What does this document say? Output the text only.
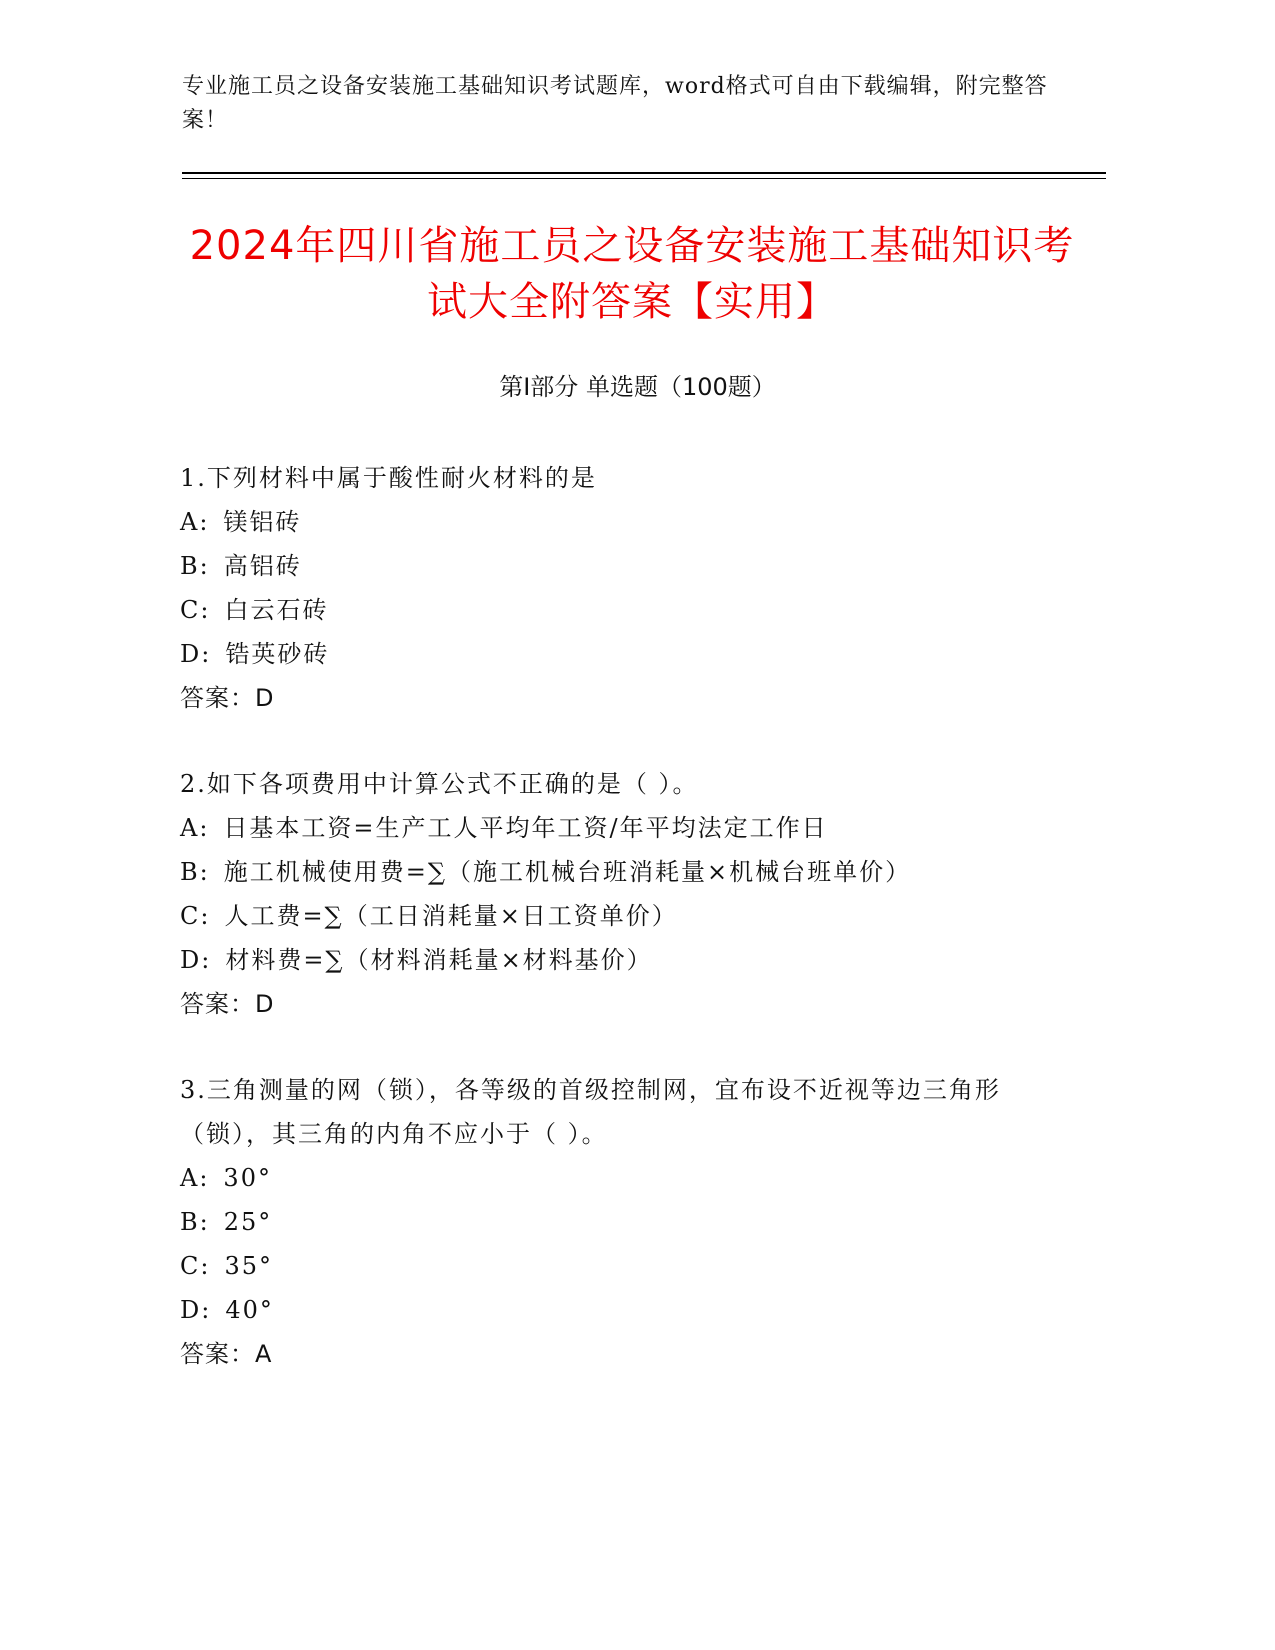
专业施工员之设备安装施工基础知识考试题库，word格式可自由下载编辑，附完整答案！
2024年四川省施工员之设备安装施工基础知识考试大全附答案【实用】
第Ⅰ部分 单选题（100题）
1.下列材料中属于酸性耐火材料的是
A: 镁铝砖
B: 高铝砖
C: 白云石砖
D: 锆英砂砖
答案：D
2.如下各项费用中计算公式不正确的是（ ）。
A: 日基本工资=生产工人平均年工资/年平均法定工作日
B: 施工机械使用费=∑（施工机械台班消耗量×机械台班单价）
C: 人工费=∑（工日消耗量×日工资单价）
D: 材料费=∑（材料消耗量×材料基价）
答案：D
3.三角测量的网（锁），各等级的首级控制网，宜布设不近视等边三角形（锁），其三角的内角不应小于（ ）。
A: 30°
B: 25°
C: 35°
D: 40°
答案：A
